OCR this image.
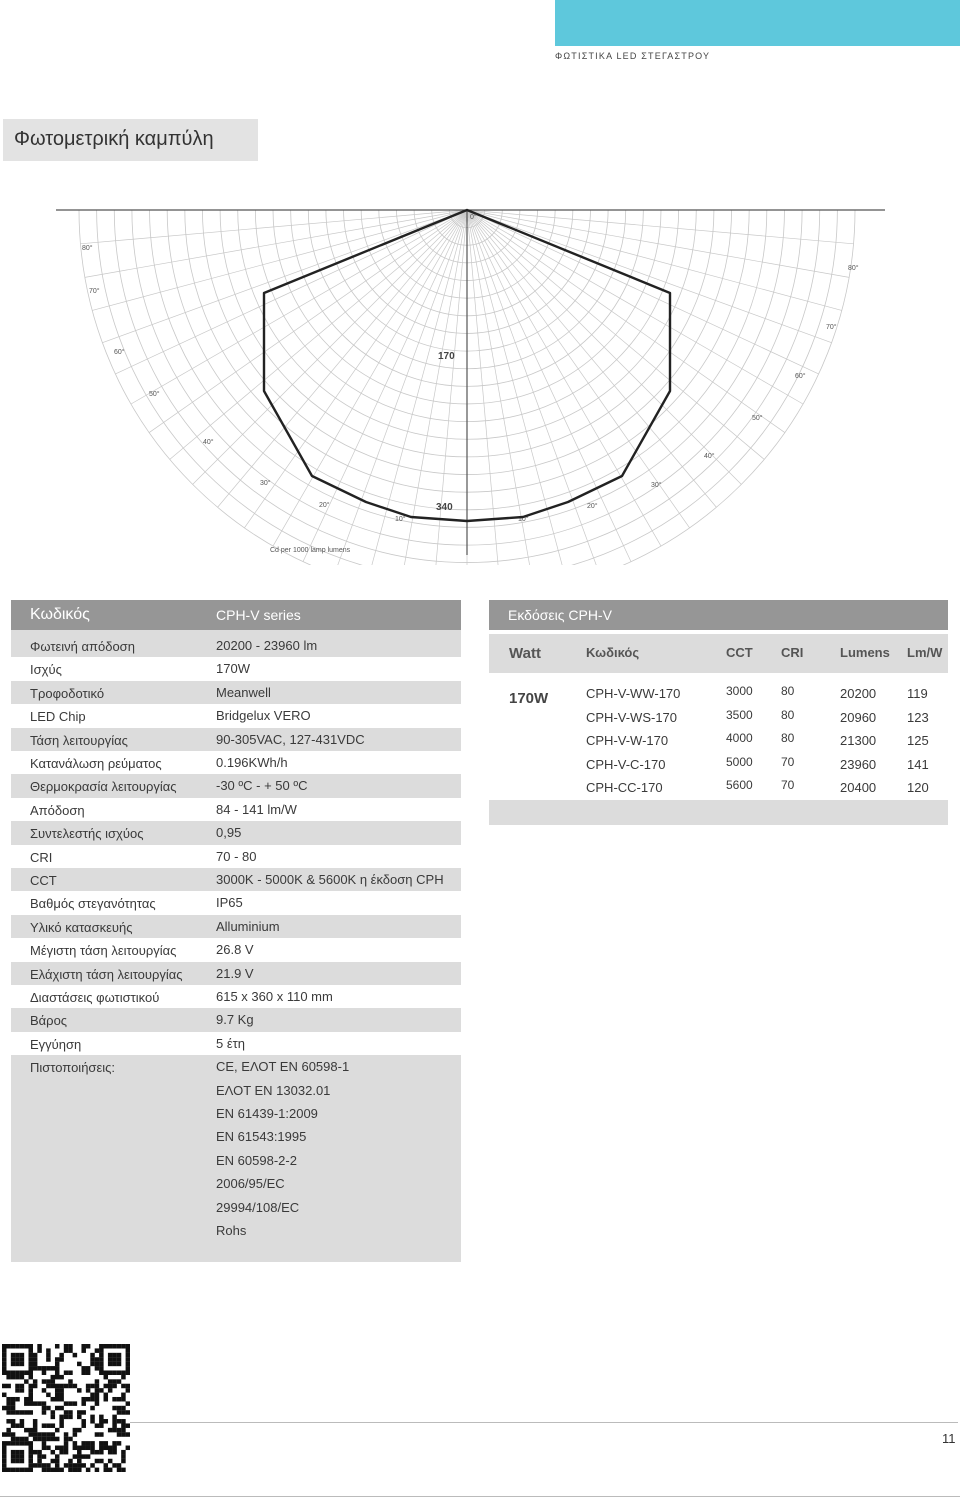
ΦΩΤΙΣΤΙΚΑ LED ΣΤΕΓΑΣΤΡΟΥ
Φωτομετρική καμπύλη
80°
70°
60°
50°
40°
30°
20°
10°
80°
70°
60°
50°
40°
30°
20°
10°
170
340
0°
Cd per 1000 lamp lumens
Κωδικός	CPH-V series
Φωτεινή απόδοση	20200 - 23960 lm
Ισχύς	170W
Τροφοδοτικό	Meanwell
LED Chip	Bridgelux VERO
Τάση λειτουργίας	90-305VAC, 127-431VDC
Κατανάλωση ρεύματος	0.196KWh/h
Θερμοκρασία λειτουργίας	-30 ºC - + 50 ºC
Απόδοση	84 - 141 lm/W
Συντελεστής ισχύος	0,95
CRI	70 - 80
CCT	3000K - 5000K & 5600K η έκδοση CPH
Βαθμός στεγανότητας	IP65
Υλικό κατασκευής	Alluminium
Μέγιστη τάση λειτουργίας	26.8 V
Ελάχιστη τάση λειτουργίας	21.9 V
Διαστάσεις φωτιστικού	615 x 360 x 110 mm
Βάρος	9.7 Kg
Εγγύηση	5 έτη
Πιστοποιήσεις:	CE, ΕΛΟΤ ΕΝ 60598-1
ΕΛΟΤ EN 13032.01
EN 61439-1:2009
EN 61543:1995
EN 60598-2-2
2006/95/EC
29994/108/EC
Rohs
Εκδόσεις CPH-V
Watt	Κωδικός	CCT CRI	Lumens Lm/W
170W	CPH-V-WW-170	3000 80	20200 119
CPH-V-WS-170	3500 80	20960 123
CPH-V-W-170	4000 80	21300 125
CPH-V-C-170	5000 70	23960 141
CPH-CC-170	5600 70	20400 120
11
